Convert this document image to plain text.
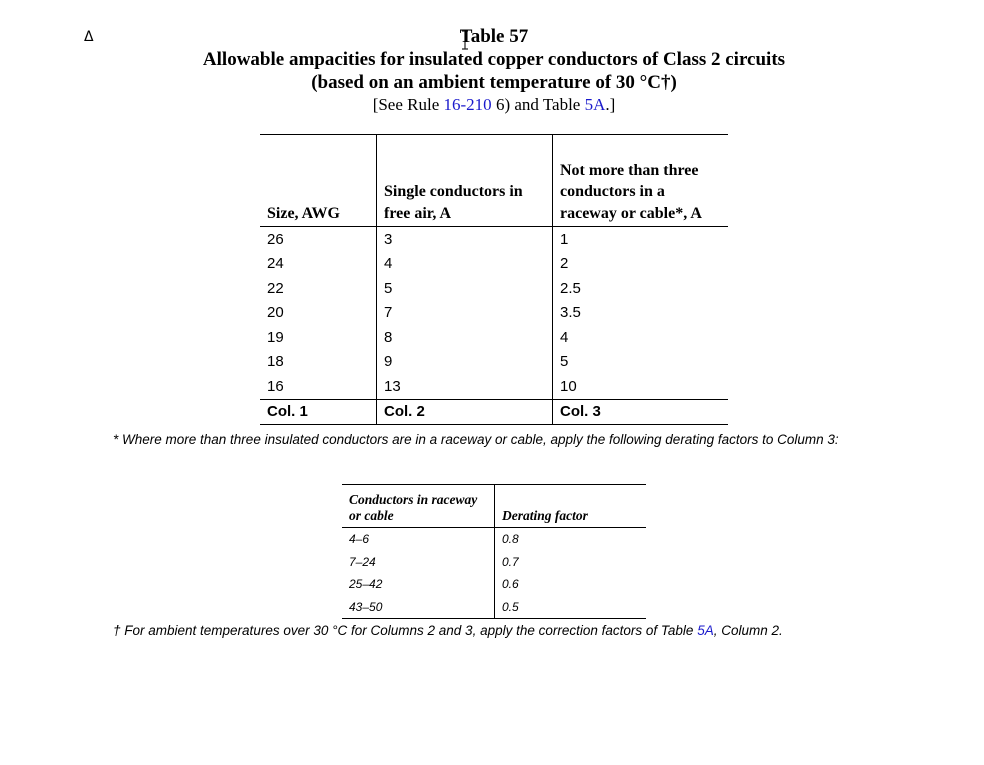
Δ	Table 57
Allowable ampacities for insulated copper conductors of Class 2 circuits
(based on an ambient temperature of 30 °C†)
[See Rule 16-210 6) and Table 5A.]
Size, AWG	Single conductors in free air, A	Not more than three conductors in a raceway or cable*, A
26	3	1
24	4	2
22	5	2.5
20	7	3.5
19	8	4
18	9	5
16	13	10
Col. 1	Col. 2	Col. 3
* Where more than three insulated conductors are in a raceway or cable, apply the following derating factors to Column 3:
Conductors in raceway or cable	Derating factor
4–6	0.8
7–24	0.7
25–42	0.6
43–50	0.5
† For ambient temperatures over 30 °C for Columns 2 and 3, apply the correction factors of Table 5A, Column 2.
